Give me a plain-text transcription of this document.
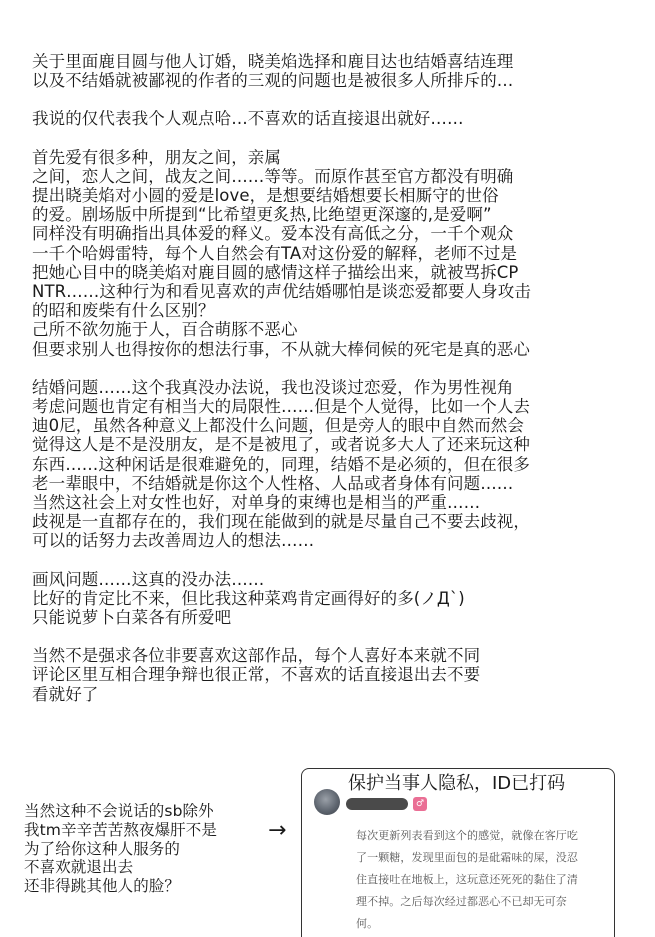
关于里面鹿目圆与他人订婚，晓美焰选择和鹿目达也结婚喜结连理
以及不结婚就被鄙视的作者的三观的问题也是被很多人所排斥的…
我说的仅代表我个人观点哈…不喜欢的话直接退出就好……
首先爱有很多种，朋友之间，亲属
之间，恋人之间，战友之间……等等。而原作甚至官方都没有明确
提出晓美焰对小圆的爱是love，是想要结婚想要长相厮守的世俗
的爱。剧场版中所提到“比希望更炙热,比绝望更深邃的,是爱啊”
同样没有明确指出具体爱的释义。爱本没有高低之分，一千个观众
一千个哈姆雷特，每个人自然会有TA对这份爱的解释，老师不过是
把她心目中的晓美焰对鹿目圆的感情这样子描绘出来，就被骂拆CP
NTR……这种行为和看见喜欢的声优结婚哪怕是谈恋爱都要人身攻击
的昭和废柴有什么区别？
己所不欲勿施于人，百合萌豚不恶心
但要求别人也得按你的想法行事，不从就大棒伺候的死宅是真的恶心
结婚问题……这个我真没办法说，我也没谈过恋爱，作为男性视角
考虑问题也肯定有相当大的局限性……但是个人觉得，比如一个人去
迪0尼，虽然各种意义上都没什么问题，但是旁人的眼中自然而然会
觉得这人是不是没朋友，是不是被甩了，或者说多大人了还来玩这种
东西……这种闲话是很难避免的，同理，结婚不是必须的，但在很多
老一辈眼中，不结婚就是你这个人性格、人品或者身体有问题……
当然这社会上对女性也好，对单身的束缚也是相当的严重……
歧视是一直都存在的，我们现在能做到的就是尽量自己不要去歧视，
可以的话努力去改善周边人的想法……
画风问题……这真的没办法……
比好的肯定比不来，但比我这种菜鸡肯定画得好的多(ノДˋ)
只能说萝卜白菜各有所爱吧
当然不是强求各位非要喜欢这部作品，每个人喜好本来就不同
评论区里互相合理争辩也很正常，不喜欢的话直接退出去不要
看就好了
当然这种不会说话的sb除外
我tm辛辛苦苦熬夜爆肝不是
为了给你这种人服务的
不喜欢就退出去
还非得跳其他人的脸？
→
保护当事人隐私，ID已打码
♂
每次更新列表看到这个的感觉，就像在客厅吃
了一颗糖，发现里面包的是砒霜味的屎，没忍
住直接吐在地板上，这玩意还死死的黏住了清
理不掉。之后每次经过都恶心不已却无可奈
何。
